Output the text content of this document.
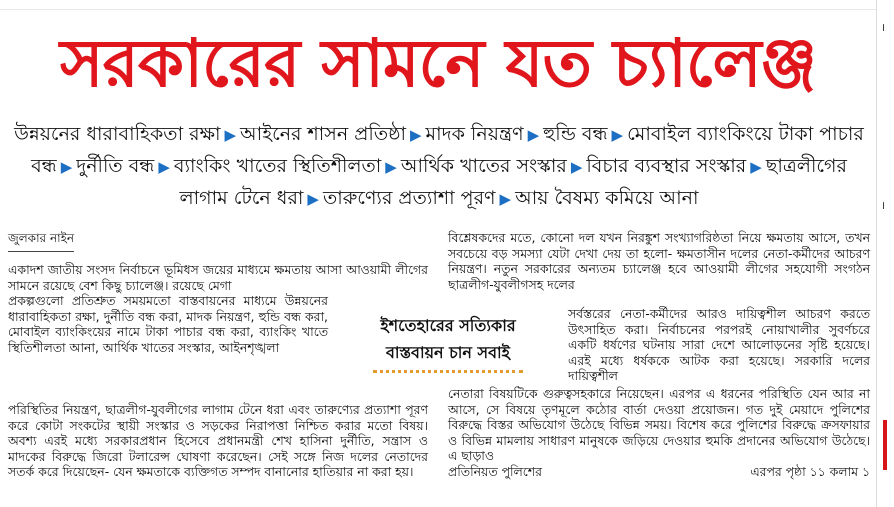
।
।
সরকারের সামনে যত চ্যালেঞ্জ
উন্নয়নের ধারাবাহিকতা রক্ষা ▶ আইনের শাসন প্রতিষ্ঠা ▶ মাদক নিয়ন্ত্রণ ▶ হুন্ডি বন্ধ ▶ মোবাইল ব্যাংকিংয়ে টাকা পাচার বন্ধ ▶ দুর্নীতি বন্ধ ▶ ব্যাংকিং খাতের স্থিতিশীলতা ▶ আর্থিক খাতের সংস্কার ▶ বিচার ব্যবস্থার সংস্কার ▶ ছাত্রলীগের লাগাম টেনে ধরা ▶ তারুণ্যের প্রত্যাশা পূরণ ▶ আয় বৈষম্য কমিয়ে আনা
জুলকার নাইন

একাদশ জাতীয় সংসদ নির্বাচনে ভূমিধস জয়ের মাধ্যমে ক্ষমতায় আসা আওয়ামী লীগের সামনে রয়েছে বেশ কিছু চ্যালেঞ্জ। রয়েছে মেগা

প্রকল্পগুলো প্রতিশ্রুত সময়মতো বাস্তবায়নের মাধ্যমে উন্নয়নের ধারাবাহিকতা রক্ষা, দুর্নীতি বন্ধ করা, মাদক নিয়ন্ত্রণ, হুন্ডি বন্ধ করা, মোবাইল ব্যাংকিংয়ের নামে টাকা পাচার বন্ধ করা, ব্যাংকিং খাতে স্থিতিশীলতা আনা, আর্থিক খাতের সংস্কার, আইনশৃঙ্খলা

পরিস্থিতির নিয়ন্ত্রণ, ছাত্রলীগ-যুবলীগের লাগাম টেনে ধরা এবং তারুণ্যের প্রত্যাশা পূরণ করে কোটা সংকটের স্থায়ী সংস্কার ও সড়কের নিরাপত্তা নিশ্চিত করার মতো বিষয়। অবশ্য এরই মধ্যে সরকারপ্রধান হিসেবে প্রধানমন্ত্রী শেখ হাসিনা দুর্নীতি, সন্ত্রাস ও মাদকের বিরুদ্ধে জিরো টলারেন্স ঘোষণা করেছেন। সেই সঙ্গে নিজ দলের নেতাদের সতর্ক করে দিয়েছেন- যেন ক্ষমতাকে ব্যক্তিগত সম্পদ বানানোর হাতিয়ার না করা হয়।

ইশতেহারের সত্যিকার
বাস্তবায়ন চান সবাই

বিশ্লেষকদের মতে, কোনো দল যখন নিরঙ্কুশ সংখ্যাগরিষ্ঠতা নিয়ে ক্ষমতায় আসে, তখন সবচেয়ে বড় সমস্যা যেটা দেখা দেয় তা হলো- ক্ষমতাসীন দলের নেতা-কর্মীদের আচরণ নিয়ন্ত্রণ। নতুন সরকারের অন্যতম চ্যালেঞ্জ হবে আওয়ামী লীগের সহযোগী সংগঠন ছাত্রলীগ-যুবলীগসহ দলের

সর্বস্তরের নেতা-কর্মীদের আরও দায়িত্বশীল আচরণ করতে উৎসাহিত করা। নির্বাচনের পরপরই নোয়াখালীর সুবর্ণচরে একটি ধর্ষণের ঘটনায় সারা দেশে আলোড়নের সৃষ্টি হয়েছে। এরই মধ্যে ধর্ষককে আটক করা হয়েছে। সরকারি দলের দায়িত্বশীল

নেতারা বিষয়টিকে গুরুত্বসহকারে নিয়েছেন। এরপর এ ধরনের পরিস্থিতি যেন আর না আসে, সে বিষয়ে তৃণমূলে কঠোর বার্তা দেওয়া প্রয়োজন। গত দুই মেয়াদে পুলিশের বিরুদ্ধে বিস্তর অভিযোগ উঠেছে বিভিন্ন সময়। বিশেষ করে পুলিশের বিরুদ্ধে ক্রসফায়ার ও বিভিন্ন মামলায় সাধারণ মানুষকে জড়িয়ে দেওয়ার হুমকি প্রদানের অভিযোগ উঠেছে। এ ছাড়াও

প্রতিনিয়ত পুলিশের	এরপর পৃষ্ঠা ১১ কলাম ১
